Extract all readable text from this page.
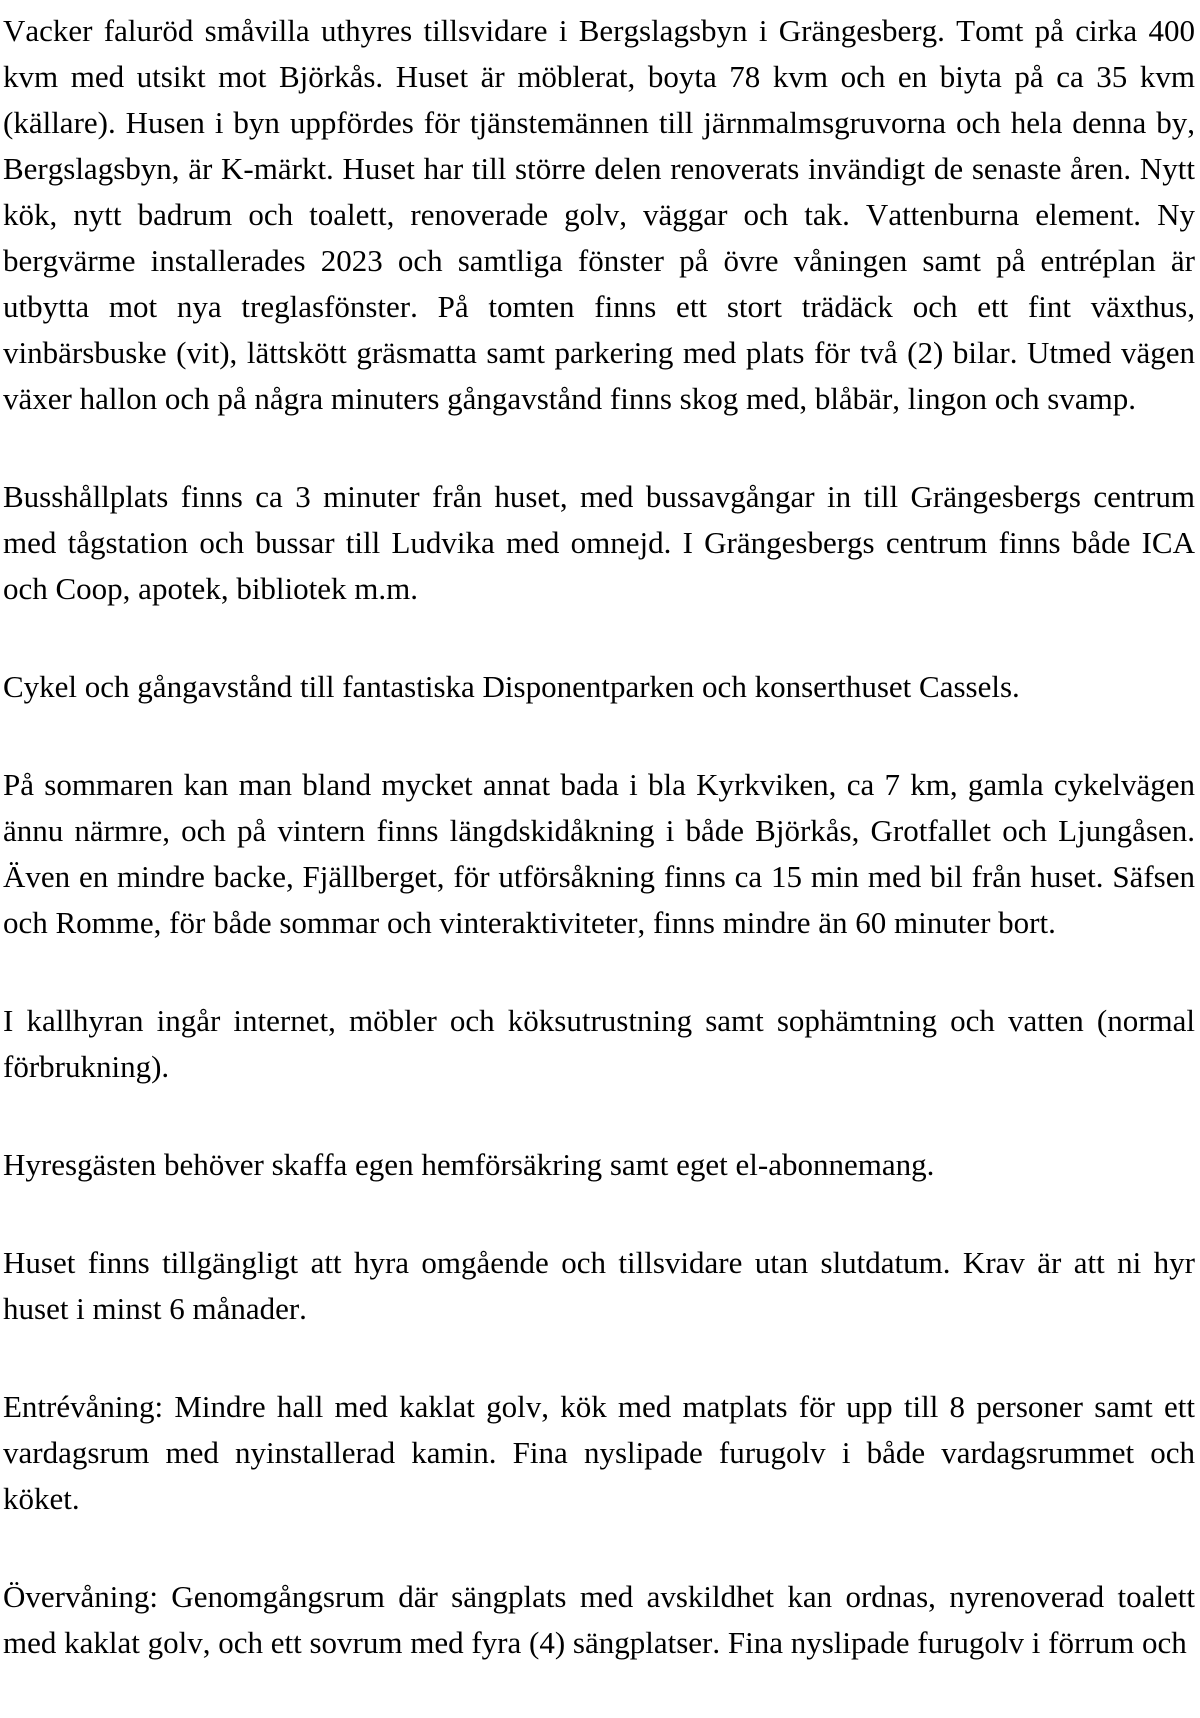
Vacker faluröd småvilla uthyres tillsvidare i Bergslagsbyn i Grängesberg. Tomt på cirka 400 kvm med utsikt mot Björkås. Huset är möblerat, boyta 78 kvm och en biyta på ca 35 kvm (källare). Husen i byn uppfördes för tjänstemännen till järnmalmsgruvorna och hela denna by, Bergslagsbyn, är K-märkt. Huset har till större delen renoverats invändigt de senaste åren. Nytt kök, nytt badrum och toalett, renoverade golv, väggar och tak. Vattenburna element. Ny bergvärme installerades 2023 och samtliga fönster på övre våningen samt på entréplan är utbytta mot nya treglasfönster. På tomten finns ett stort trädäck och ett fint växthus, vinbärsbuske (vit), lättskött gräsmatta samt parkering med plats för två (2) bilar. Utmed vägen växer hallon och på några minuters gångavstånd finns skog med, blåbär, lingon och svamp.

Busshållplats finns ca 3 minuter från huset, med bussavgångar in till Grängesbergs centrum med tågstation och bussar till Ludvika med omnejd. I Grängesbergs centrum finns både ICA och Coop, apotek, bibliotek m.m.

Cykel och gångavstånd till fantastiska Disponentparken och konserthuset Cassels.

På sommaren kan man bland mycket annat bada i bla Kyrkviken, ca 7 km, gamla cykelvägen ännu närmre, och på vintern finns längdskidåkning i både Björkås, Grotfallet och Ljungåsen. Även en mindre backe, Fjällberget, för utförsåkning finns ca 15 min med bil från huset. Säfsen och Romme, för både sommar och vinteraktiviteter, finns mindre än 60 minuter bort.

I kallhyran ingår internet, möbler och köksutrustning samt sophämtning och vatten (normal förbrukning).

Hyresgästen behöver skaffa egen hemförsäkring samt eget el-abonnemang.

Huset finns tillgängligt att hyra omgående och tillsvidare utan slutdatum. Krav är att ni hyr huset i minst 6 månader.

Entrévåning: Mindre hall med kaklat golv, kök med matplats för upp till 8 personer samt ett vardagsrum med nyinstallerad kamin. Fina nyslipade furugolv i både vardagsrummet och köket.

Övervåning: Genomgångsrum där sängplats med avskildhet kan ordnas, nyrenoverad toalett med kaklat golv, och ett sovrum med fyra (4) sängplatser. Fina nyslipade furugolv i förrum och
